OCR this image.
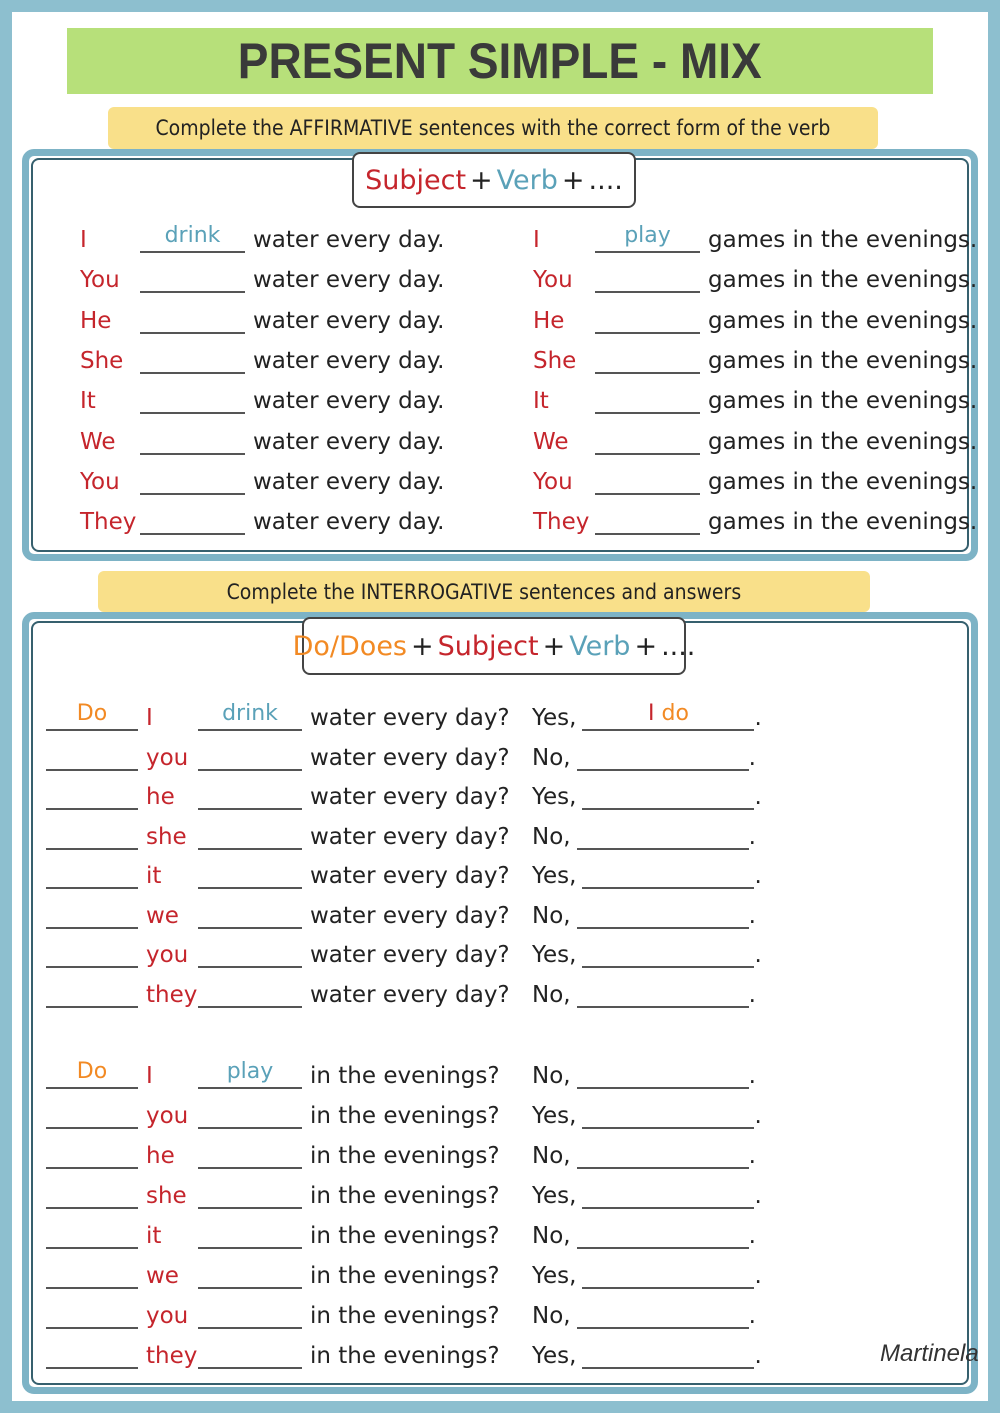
PRESENT SIMPLE - MIX
Complete the AFFIRMATIVE sentences with the correct form of the verb
Subject + Verb + ....
I	drink	water every day.
You	water every day.
He	water every day.
She	water every day.
It	water every day.
We	water every day.
You	water every day.
They	water every day.
I	play	games in the evenings.
You	games in the evenings.
He	games in the evenings.
She	games in the evenings.
It	games in the evenings.
We	games in the evenings.
You	games in the evenings.
They	games in the evenings.
Complete the INTERROGATIVE sentences and answers
Do/Does + Subject + Verb + ....
Do	I	drink	water every day? Yes,	I do	.
you	water every day? No,	.
he	water every day? Yes,	.
she	water every day? No,	.
it	water every day? Yes,	.
we	water every day? No,	.
you	water every day? Yes,	.
they	water every day? No,	.
Do	I	play	in the evenings?	No,	.
you	in the evenings?	Yes,	.
he	in the evenings?	No,	.
she	in the evenings?	Yes,	.
it	in the evenings?	No,	.
we	in the evenings?	Yes,	.
you	in the evenings?	No,	.
they	in the evenings?	Yes,	.	Martinela
